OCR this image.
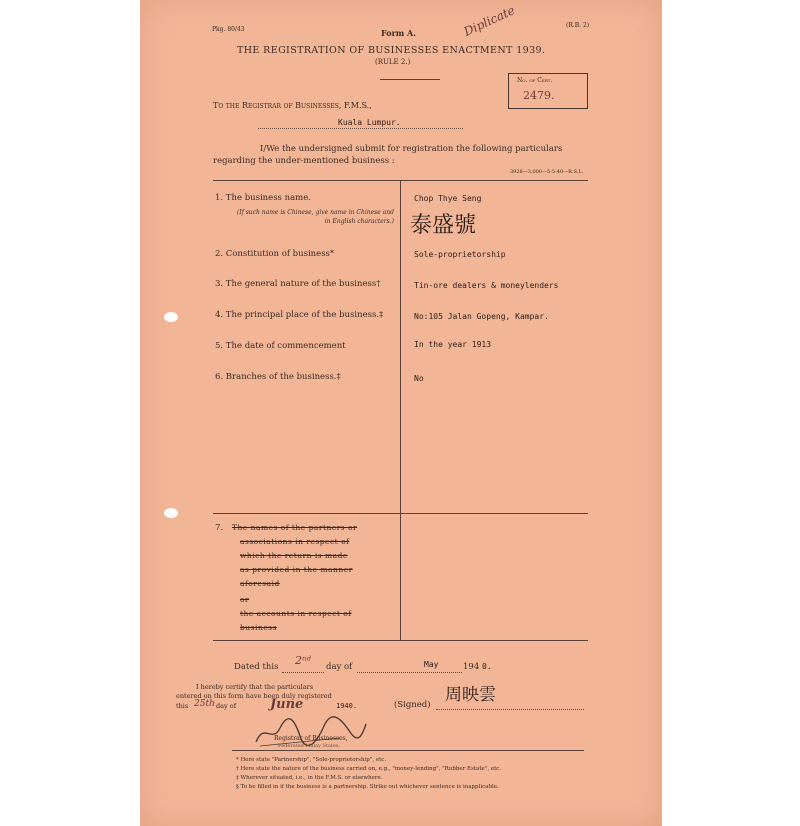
Pkg. 80/43	Form A.
(R.B. 2)
Diplicate
THE REGISTRATION OF BUSINESSES ENACTMENT 1939.
(RULE 2.)
No. of Cert.
2479.
To the Registrar of Businesses, F.M.S.,
Kuala Lumpur.
I/We the undersigned submit for registration the following particulars
regarding the under-mentioned business :
3928—3,000—5-5-40—R.S.L.
1. The business name.
(If such name is Chinese, give name in Chinese and in English characters.)
Chop Thye Seng
泰盛號
2. Constitution of business*	Sole-proprietorship
3. The general nature of the business†	Tin-ore dealers & moneylenders
4. The principal place of the business.‡	No:105 Jalan Gopeng, Kampar.
5. The date of commencement	In the year 1913
6. Branches of the business.‡	No
7. The names of the partners or
associations in respect of
which the return is made
as provided in the manner
aforesaid
or
the accounts in respect of
business
Dated this 2ⁿᵈ day of	May	194 0.
I hereby certify that the particulars
entered on this form have been duly registered
this 25th day of	June	1940.
Registrar of Businesses,
Federated Malay States.
周映雲
(Signed)
* Here state "Partnership", "Sole-proprietorship", etc.
† Here state the nature of the business carried on, e.g., "money-lending", "Rubber Estate", etc.
‡ Wherever situated, i.e., in the F.M.S. or elsewhere.
§ To be filled in if the business is a partnership. Strike out whichever sentence is inapplicable.
